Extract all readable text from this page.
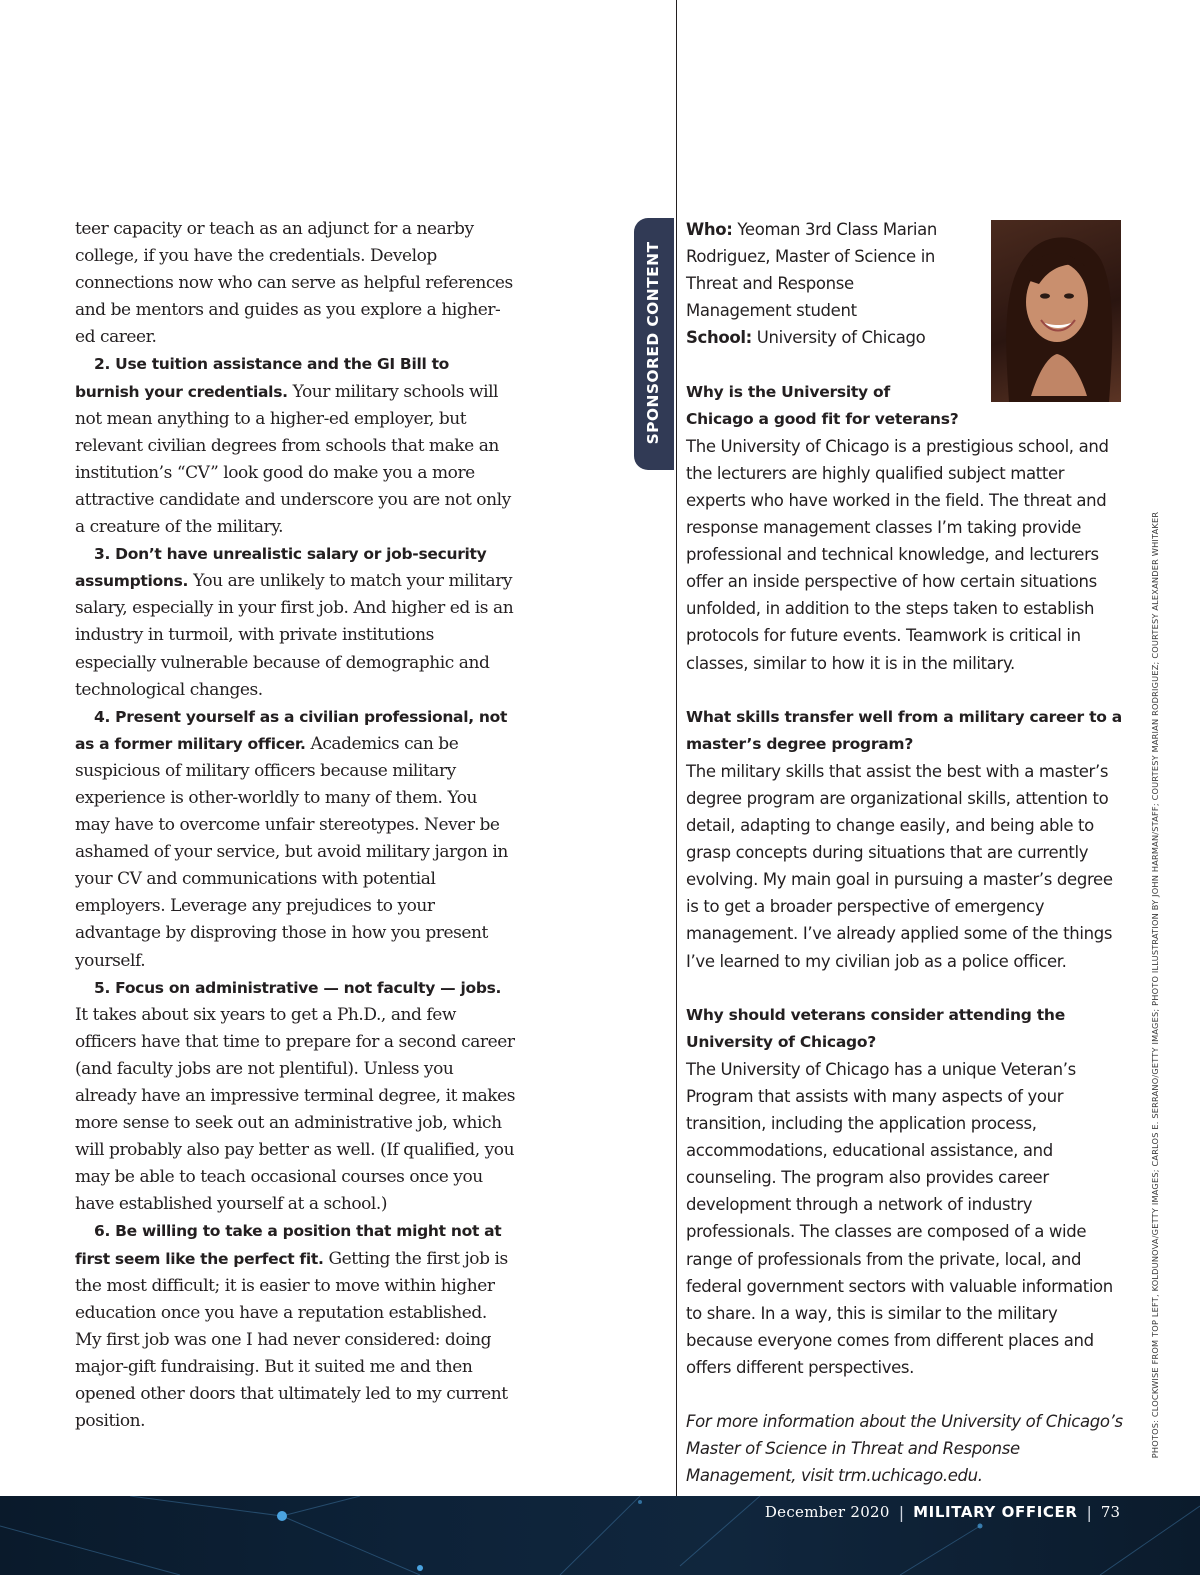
teer capacity or teach as an adjunct for a nearby college, if you have the credentials. Develop connections now who can serve as helpful references and be mentors and guides as you explore a higher-ed career.

2. Use tuition assistance and the GI Bill to burnish your credentials. Your military schools will not mean anything to a higher-ed employer, but relevant civilian degrees from schools that make an institution’s “CV” look good do make you a more attractive candidate and underscore you are not only a creature of the military.

3. Don’t have unrealistic salary or job-security assumptions. You are unlikely to match your military salary, especially in your first job. And higher ed is an industry in turmoil, with private institutions especially vulnerable because of demographic and technological changes.

4. Present yourself as a civilian professional, not as a former military officer. Academics can be suspicious of military officers because military experience is other-worldly to many of them. You may have to overcome unfair stereotypes. Never be ashamed of your service, but avoid military jargon in your CV and communications with potential employers. Leverage any prejudices to your advantage by disproving those in how you present yourself.

5. Focus on administrative — not faculty — jobs. It takes about six years to get a Ph.D., and few officers have that time to prepare for a second career (and faculty jobs are not plentiful). Unless you already have an impressive terminal degree, it makes more sense to seek out an administrative job, which will probably also pay better as well. (If qualified, you may be able to teach occasional courses once you have established yourself at a school.)

6. Be willing to take a position that might not at first seem like the perfect fit. Getting the first job is the most difficult; it is easier to move within higher education once you have a reputation established. My first job was one I had never considered: doing major-gift fundraising. But it suited me and then opened other doors that ultimately led to my current position.

SPONSORED CONTENT

Who: Yeoman 3rd Class Marian Rodriguez, Master of Science in Threat and Response Management student

School: University of Chicago

Why is the University of Chicago a good fit for veterans?

The University of Chicago is a prestigious school, and the lecturers are highly qualified subject matter experts who have worked in the field. The threat and response management classes I’m taking provide professional and technical knowledge, and lecturers offer an inside perspective of how certain situations unfolded, in addition to the steps taken to establish protocols for future events. Teamwork is critical in classes, similar to how it is in the military.

What skills transfer well from a military career to a master’s degree program?

The military skills that assist the best with a master’s degree program are organizational skills, attention to detail, adapting to change easily, and being able to grasp concepts during situations that are currently evolving. My main goal in pursuing a master’s degree is to get a broader perspective of emergency management. I’ve already applied some of the things I’ve learned to my civilian job as a police officer.

Why should veterans consider attending the University of Chicago?

The University of Chicago has a unique Veteran’s Program that assists with many aspects of your transition, including the application process, accommodations, educational assistance, and counseling. The program also provides career development through a network of industry professionals. The classes are composed of a wide range of professionals from the private, local, and federal government sectors with valuable information to share. In a way, this is similar to the military because everyone comes from different places and offers different perspectives.

For more information about the University of Chicago’s Master of Science in Threat and Response Management, visit trm.uchicago.edu.

PHOTOS: CLOCKWISE FROM TOP LEFT, KOLDUNOVA/GETTY IMAGES; CARLOS E. SERRANO/GETTY IMAGES; PHOTO ILLUSTRATION BY JOHN HARMAN/STAFF; COURTESY MARIAN RODRIGUEZ; COURTESY ALEXANDER WHITAKER
December 2020 | MILITARY OFFICER | 73
